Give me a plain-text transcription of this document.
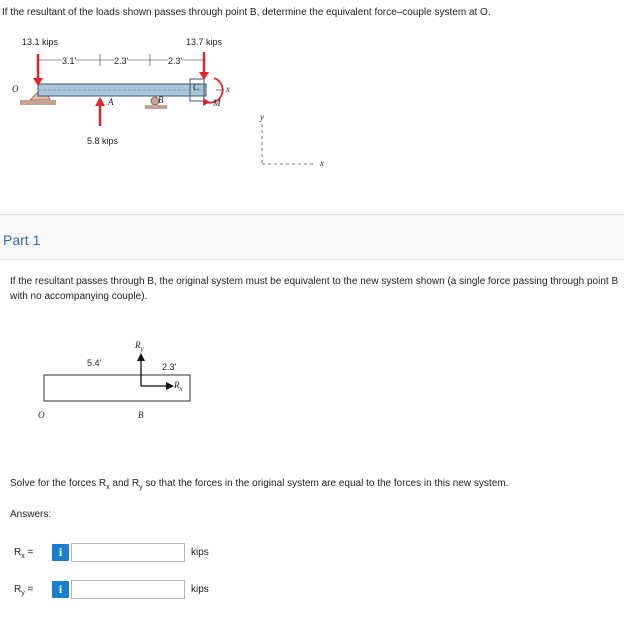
If the resultant of the loads shown passes through point B, determine the equivalent force–couple system at O.
13.1 kips	13.7 kips
3.1'	2.3'	2.3'
O
A	B
C
M
x
5.8 kips
y
x
Part 1
If the resultant passes through B, the original system must be equivalent to the new system shown (a single force passing through point B with no accompanying couple).
5.4'	2.3'
$R_y$
$R_x$
O	B
Solve for the forces $R_x$ and $R_y$ so that the forces in the original system are equal to the forces in this new system.
Answers:
$R_x$ =	i	kips
$R_y$ =	i	kips
